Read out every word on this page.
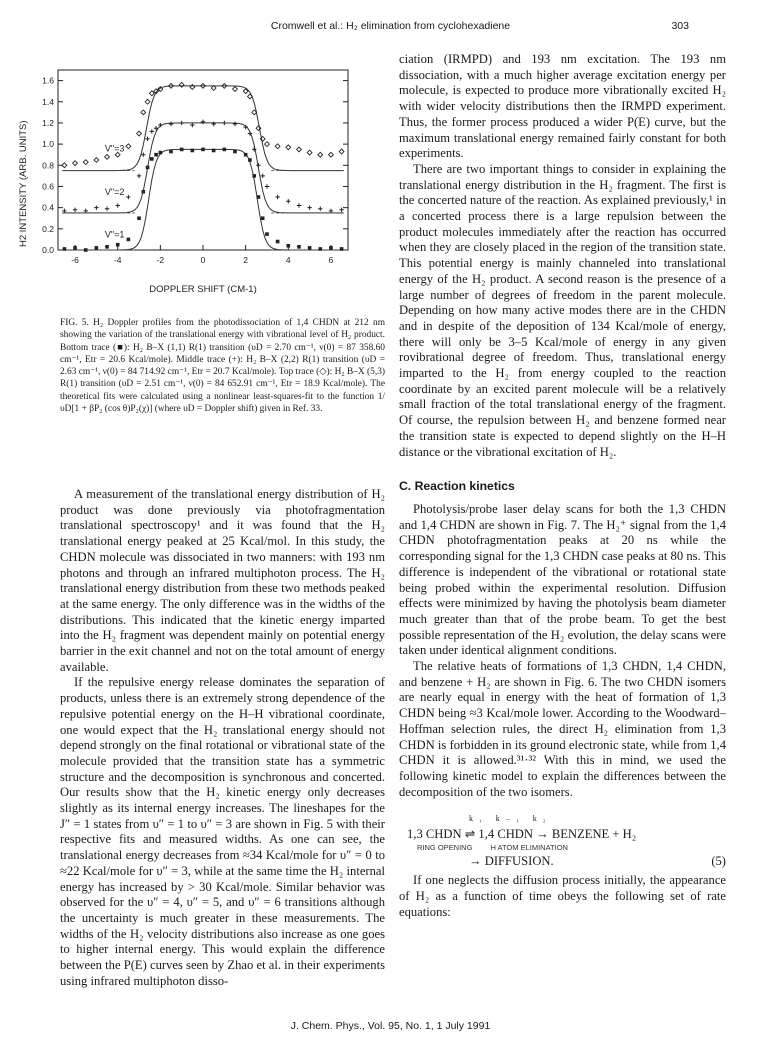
Cromwell et al.: H₂ elimination from cyclohexadiene	303
0.0
0.2
0.4
0.6
0.8
1.0
1.2
1.4
1.6
-6	-4	-2	0	2	4	6
V"=1
V"=2
V"=3
H2 INTENSITY (ARB. UNITS)
DOPPLER SHIFT (CM-1)
FIG. 5. H₂ Doppler profiles from the photodissociation of 1,4 CHDN at 212 nm showing the variation of the translational energy with vibrational level of H₂ product. Bottom trace (■): H₂ B–X (1,1) R(1) transition (υD = 2.70 cm⁻¹, ν(0) = 87 358.60 cm⁻¹, Etr = 20.6 Kcal/mole). Middle trace (+): H₂ B–X (2,2) R(1) transition (υD = 2.63 cm⁻¹, ν(0) = 84 714.92 cm⁻¹, Etr = 20.7 Kcal/mole). Top trace (◇): H₂ B–X (5,3) R(1) transition (υD = 2.51 cm⁻¹, ν(0) = 84 652.91 cm⁻¹, Etr = 18.9 Kcal/mole). The theoretical fits were calculated using a nonlinear least-squares-fit to the function 1/υD[1 + βP₂ (cos θ)P₂(χ)] (where υD = Doppler shift) given in Ref. 33.

A measurement of the translational energy distribution of H₂ product was done previously via photofragmentation translational spectroscopy¹ and it was found that the H₂ translational energy peaked at 25 Kcal/mol. In this study, the CHDN molecule was dissociated in two manners: with 193 nm photons and through an infrared multiphoton process. The H₂ translational energy distribution from these two methods peaked at the same energy. The only difference was in the widths of the distributions. This indicated that the kinetic energy imparted into the H₂ fragment was dependent mainly on potential energy barrier in the exit channel and not on the total amount of energy available.

If the repulsive energy release dominates the separation of products, unless there is an extremely strong dependence of the repulsive potential energy on the H–H vibrational coordinate, one would expect that the H₂ translational energy should not depend strongly on the final rotational or vibrational state of the molecule provided that the transition state has a symmetric structure and the decomposition is synchronous and concerted. Our results show that the H₂ kinetic energy only decreases slightly as its internal energy increases. The lineshapes for the J″ = 1 states from υ″ = 1 to υ″ = 3 are shown in Fig. 5 with their respective fits and measured widths. As one can see, the translational energy decreases from ≈34 Kcal/mole for υ″ = 0 to ≈22 Kcal/mole for υ″ = 3, while at the same time the H₂ internal energy has increased by > 30 Kcal/mole. Similar behavior was observed for the υ″ = 4, υ″ = 5, and υ″ = 6 transitions although the uncertainty is much greater in these measurements. The widths of the H₂ velocity distributions also increase as one goes to higher internal energy. This would explain the difference between the P(E) curves seen by Zhao et al. in their experiments using infrared multiphoton disso-

ciation (IRMPD) and 193 nm excitation. The 193 nm dissociation, with a much higher average excitation energy per molecule, is expected to produce more vibrationally excited H₂ with wider velocity distributions then the IRMPD experiment. Thus, the former process produced a wider P(E) curve, but the maximum translational energy remained fairly constant for both experiments.

There are two important things to consider in explaining the translational energy distribution in the H₂ fragment. The first is the concerted nature of the reaction. As explained previously,¹ in a concerted process there is a large repulsion between the product molecules immediately after the reaction has occurred when they are closely placed in the region of the transition state. This potential energy is mainly channeled into translational energy of the H₂ product. A second reason is the presence of a large number of degrees of freedom in the parent molecule. Depending on how many active modes there are in the CHDN and in despite of the deposition of 134 Kcal/mole of energy, there will only be 3–5 Kcal/mole of energy in any given rovibrational degree of freedom. Thus, translational energy imparted to the H₂ from energy coupled to the reaction coordinate by an excited parent molecule will be a relatively small fraction of the total translational energy of the fragment. Of course, the repulsion between H₂ and benzene formed near the transition state is expected to depend slightly on the H–H distance or the vibrational excitation of H₂.

C. Reaction kinetics

Photolysis/probe laser delay scans for both the 1,3 CHDN and 1,4 CHDN are shown in Fig. 7. The H₂⁺ signal from the 1,4 CHDN photofragmentation peaks at 20 ns while the corresponding signal for the 1,3 CHDN case peaks at 80 ns. This difference is independent of the vibrational or rotational state being probed within the experimental resolution. Diffusion effects were minimized by having the photolysis beam diameter much greater than that of the probe beam. To get the best possible representation of the H₂ evolution, the delay scans were taken under identical alignment conditions.

The relative heats of formations of 1,3 CHDN, 1,4 CHDN, and benzene + H₂ are shown in Fig. 6. The two CHDN isomers are nearly equal in energy with the heat of formation of 1,3 CHDN being ≈3 Kcal/mole lower. According to the Woodward–Hoffman selection rules, the direct H₂ elimination from 1,3 CHDN is forbidden in its ground electronic state, while from 1,4 CHDN it is allowed.³¹·³² With this in mind, we used the following kinetic model to explain the differences between the decomposition of the two isomers.

k₁ k₋₁ k₂
1,3 CHDN ⇌ 1,4 CHDN → BENZENE + H₂
RING OPENING H ATOM ELIMINATION
→ DIFFUSION.	(5)

If one neglects the diffusion process initially, the appearance of H₂ as a function of time obeys the following set of rate equations:

J. Chem. Phys., Vol. 95, No. 1, 1 July 1991
